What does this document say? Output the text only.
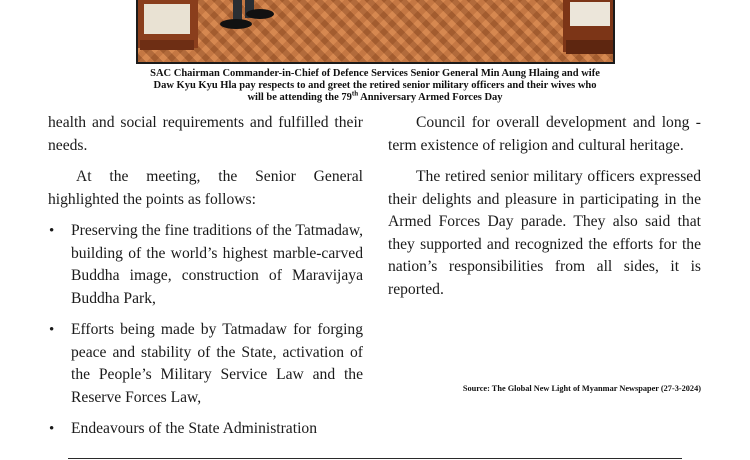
SAC Chairman Commander-in-Chief of Defence Services Senior General Min Aung Hlaing and wife
Daw Kyu Kyu Hla pay respects to and greet the retired senior military officers and their wives who
will be attending the 79th Anniversary Armed Forces Day

health and social requirements and fulfilled their needs.

At the meeting, the Senior General highlighted the points as follows:

• Preserving the fine traditions of the Tatmadaw, building of the world’s highest marble-carved Buddha image, construction of Maravijaya Buddha Park,
• Efforts being made by Tatmadaw for forging peace and stability of the State, activation of the People’s Military Service Law and the Reserve Forces Law,
• Endeavours of the State Administration

Council for overall development and long -term existence of religion and cultural heritage.

The retired senior military officers expressed their delights and pleasure in participating in the Armed Forces Day parade. They also said that they supported and recognized the efforts for the nation’s responsibilities from all sides, it is reported.

Source: The Global New Light of Myanmar Newspaper (27-3-2024)
